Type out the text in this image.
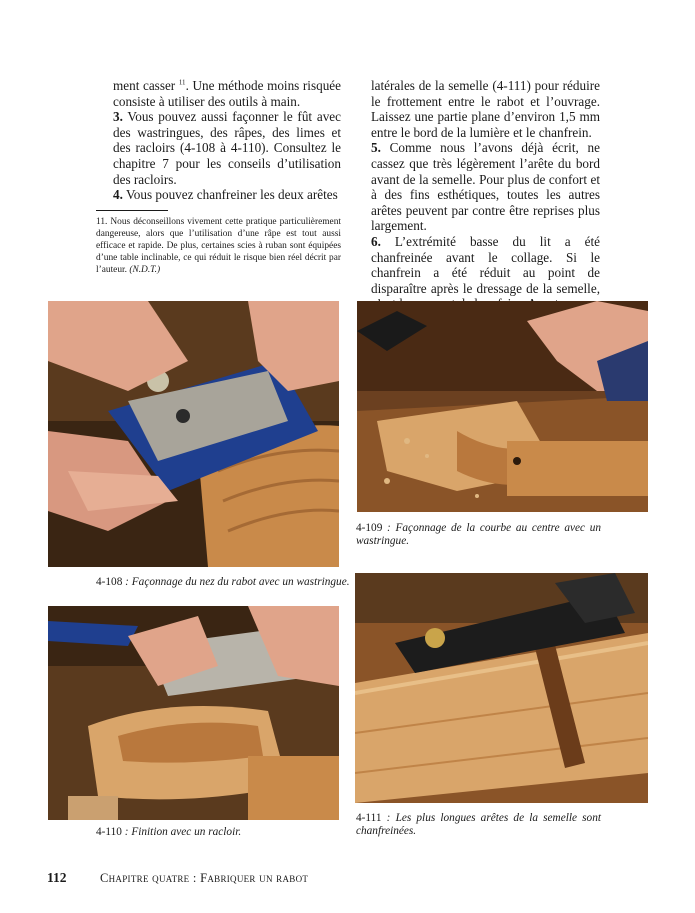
ment casser $^{11}$. Une méthode moins risquée consiste à utiliser des outils à main.

3. Vous pouvez aussi façonner le fût avec des wastringues, des râpes, des limes et des racloirs (4-108 à 4-110). Consultez le chapitre 7 pour les conseils d’utilisation des racloirs.

4. Vous pouvez chanfreiner les deux arêtes

11. Nous déconseillons vivement cette pratique particulièrement dangereuse, alors que l’utilisation d’une râpe est tout aussi efficace et rapide. De plus, certaines scies à ruban sont équipées d’une table inclinable, ce qui réduit le risque bien réel décrit par l’auteur. (N.D.T.)

latérales de la semelle (4-111) pour réduire le frottement entre le rabot et l’ouvrage. Laissez une partie plane d’environ 1,5 mm entre le bord de la lumière et le chanfrein.

5. Comme nous l’avons déjà écrit, ne cassez que très légèrement l’arête du bord avant de la semelle. Pour plus de confort et à des fins esthétiques, toutes les autres arêtes peuvent par contre être reprises plus largement.

6. L’extrémité basse du lit a été chanfreinée avant le collage. Si le chanfrein a été réduit au point de disparaître après le dressage de la semelle,

4-108 : Façonnage du nez du rabot avec un wastringue.
4-109 : Façonnage de la courbe au centre avec un wastringue.
4-110 : Finition avec un racloir.
4-111 : Les plus longues arêtes de la semelle sont chanfreinées.
112	Chapitre quatre : Fabriquer un rabot
